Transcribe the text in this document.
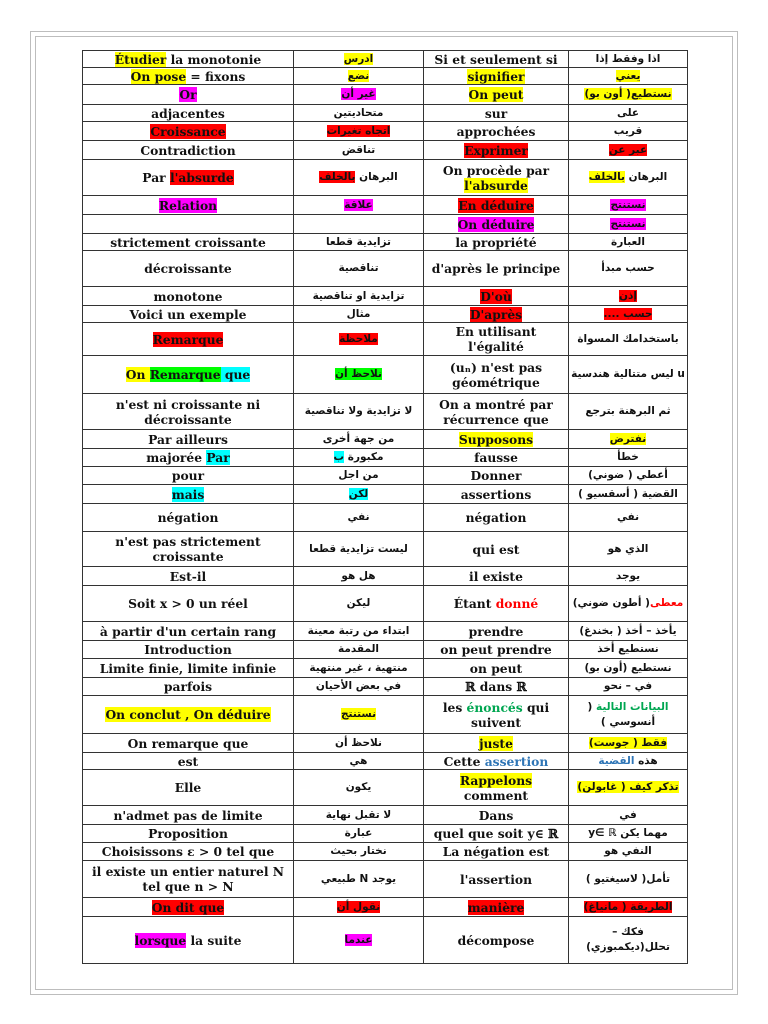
Étudier la monotonie	ادرس	Si et seulement si	اذا وفقط إذا
On pose = fixons	نضع	signifier	يعني
Or	غير أن	On peut	نستطيع( أون بو)
adjacentes	متحاديتين	sur	على
Croissance	اتجاه تغيرات	approchées	قريب
Contradiction	تناقض	Exprimer	عبر عن
Par l'absurde	البرهان بالخلف	On procède par l'absurde	البرهان بالخلف
Relation	علاقة	En déduire	نستنتج
		On déduire	نستنتج
strictement croissante	تزايدية قطعا	la propriété	العبارة
décroissante	تناقصية	d'après le principe	حسب مبدأ
monotone	تزايدية او تناقصية	D'où	إذن
Voici un exemple	مثال	D'après	حسب ....
Remarque	ملاحظة	En utilisant l'égalité	باستخدامك المسواة
On Remarque que	نلاحظ أن	(uₙ) n'est pas géométrique	u ليس متتالية هندسية
n'est ni croissante ni décroissante	لا تزايدية ولا تناقصية	On a montré par récurrence que	ثم البرهنة بترجع
Par ailleurs	من جهة أخرى	Supposons	نفترض
majorée Par	مكبورة ب	fausse	خطأ
pour	من اجل	Donner	أعطي ( ضوني)
mais	لكن	assertions	القضية ( أسقسيو )
négation	نفي	négation	نفي
n'est pas strictement croissante	ليست تزايدية قطعا	qui est	الذي هو
Est-il	هل هو	il existe	يوجد
Soit x > 0 un réel	ليكن	Étant donné	معطى( أطون ضوني)
à partir d'un certain rang	ابتداء من رتبة معينة	prendre	يأخذ – أخذ ( بخندغ)
Introduction	المقدمة	on peut prendre	نستطيع أخذ
Limite finie, limite infinie	منتهية ، غير منتهية	on peut	نستطيع (أون بو)
parfois	في بعض الأحيان	ℝ dans ℝ	في – نحو
On conclut , On déduire	نستنتج	les énoncés qui suivent	البيانات التالية ( أنسوسي )
On remarque que	نلاحظ أن	juste	فقط ( جوست)
est	هي	Cette assertion	هذه القضية
Elle	يكون	Rappelons comment	تذكر كيف ( غابولن)
n'admet pas de limite	لا تقبل نهاية	Dans	في
Proposition	عبارة	quel que soit y∈ ℝ	مهما يكن y∈ ℝ
Choisissons ε > 0 tel que	نختار بحيث	La négation est	النفي هو
il existe un entier naturel N tel que n > N	يوجد N طبيعي	l'assertion	تأمل( لاسيغتيو )
On dit que	نقول أن	manière	الطريقة ( مانياغ)
lorsque la suite	عندما	décompose	فكك – تحلل(ديكمبوزي)
